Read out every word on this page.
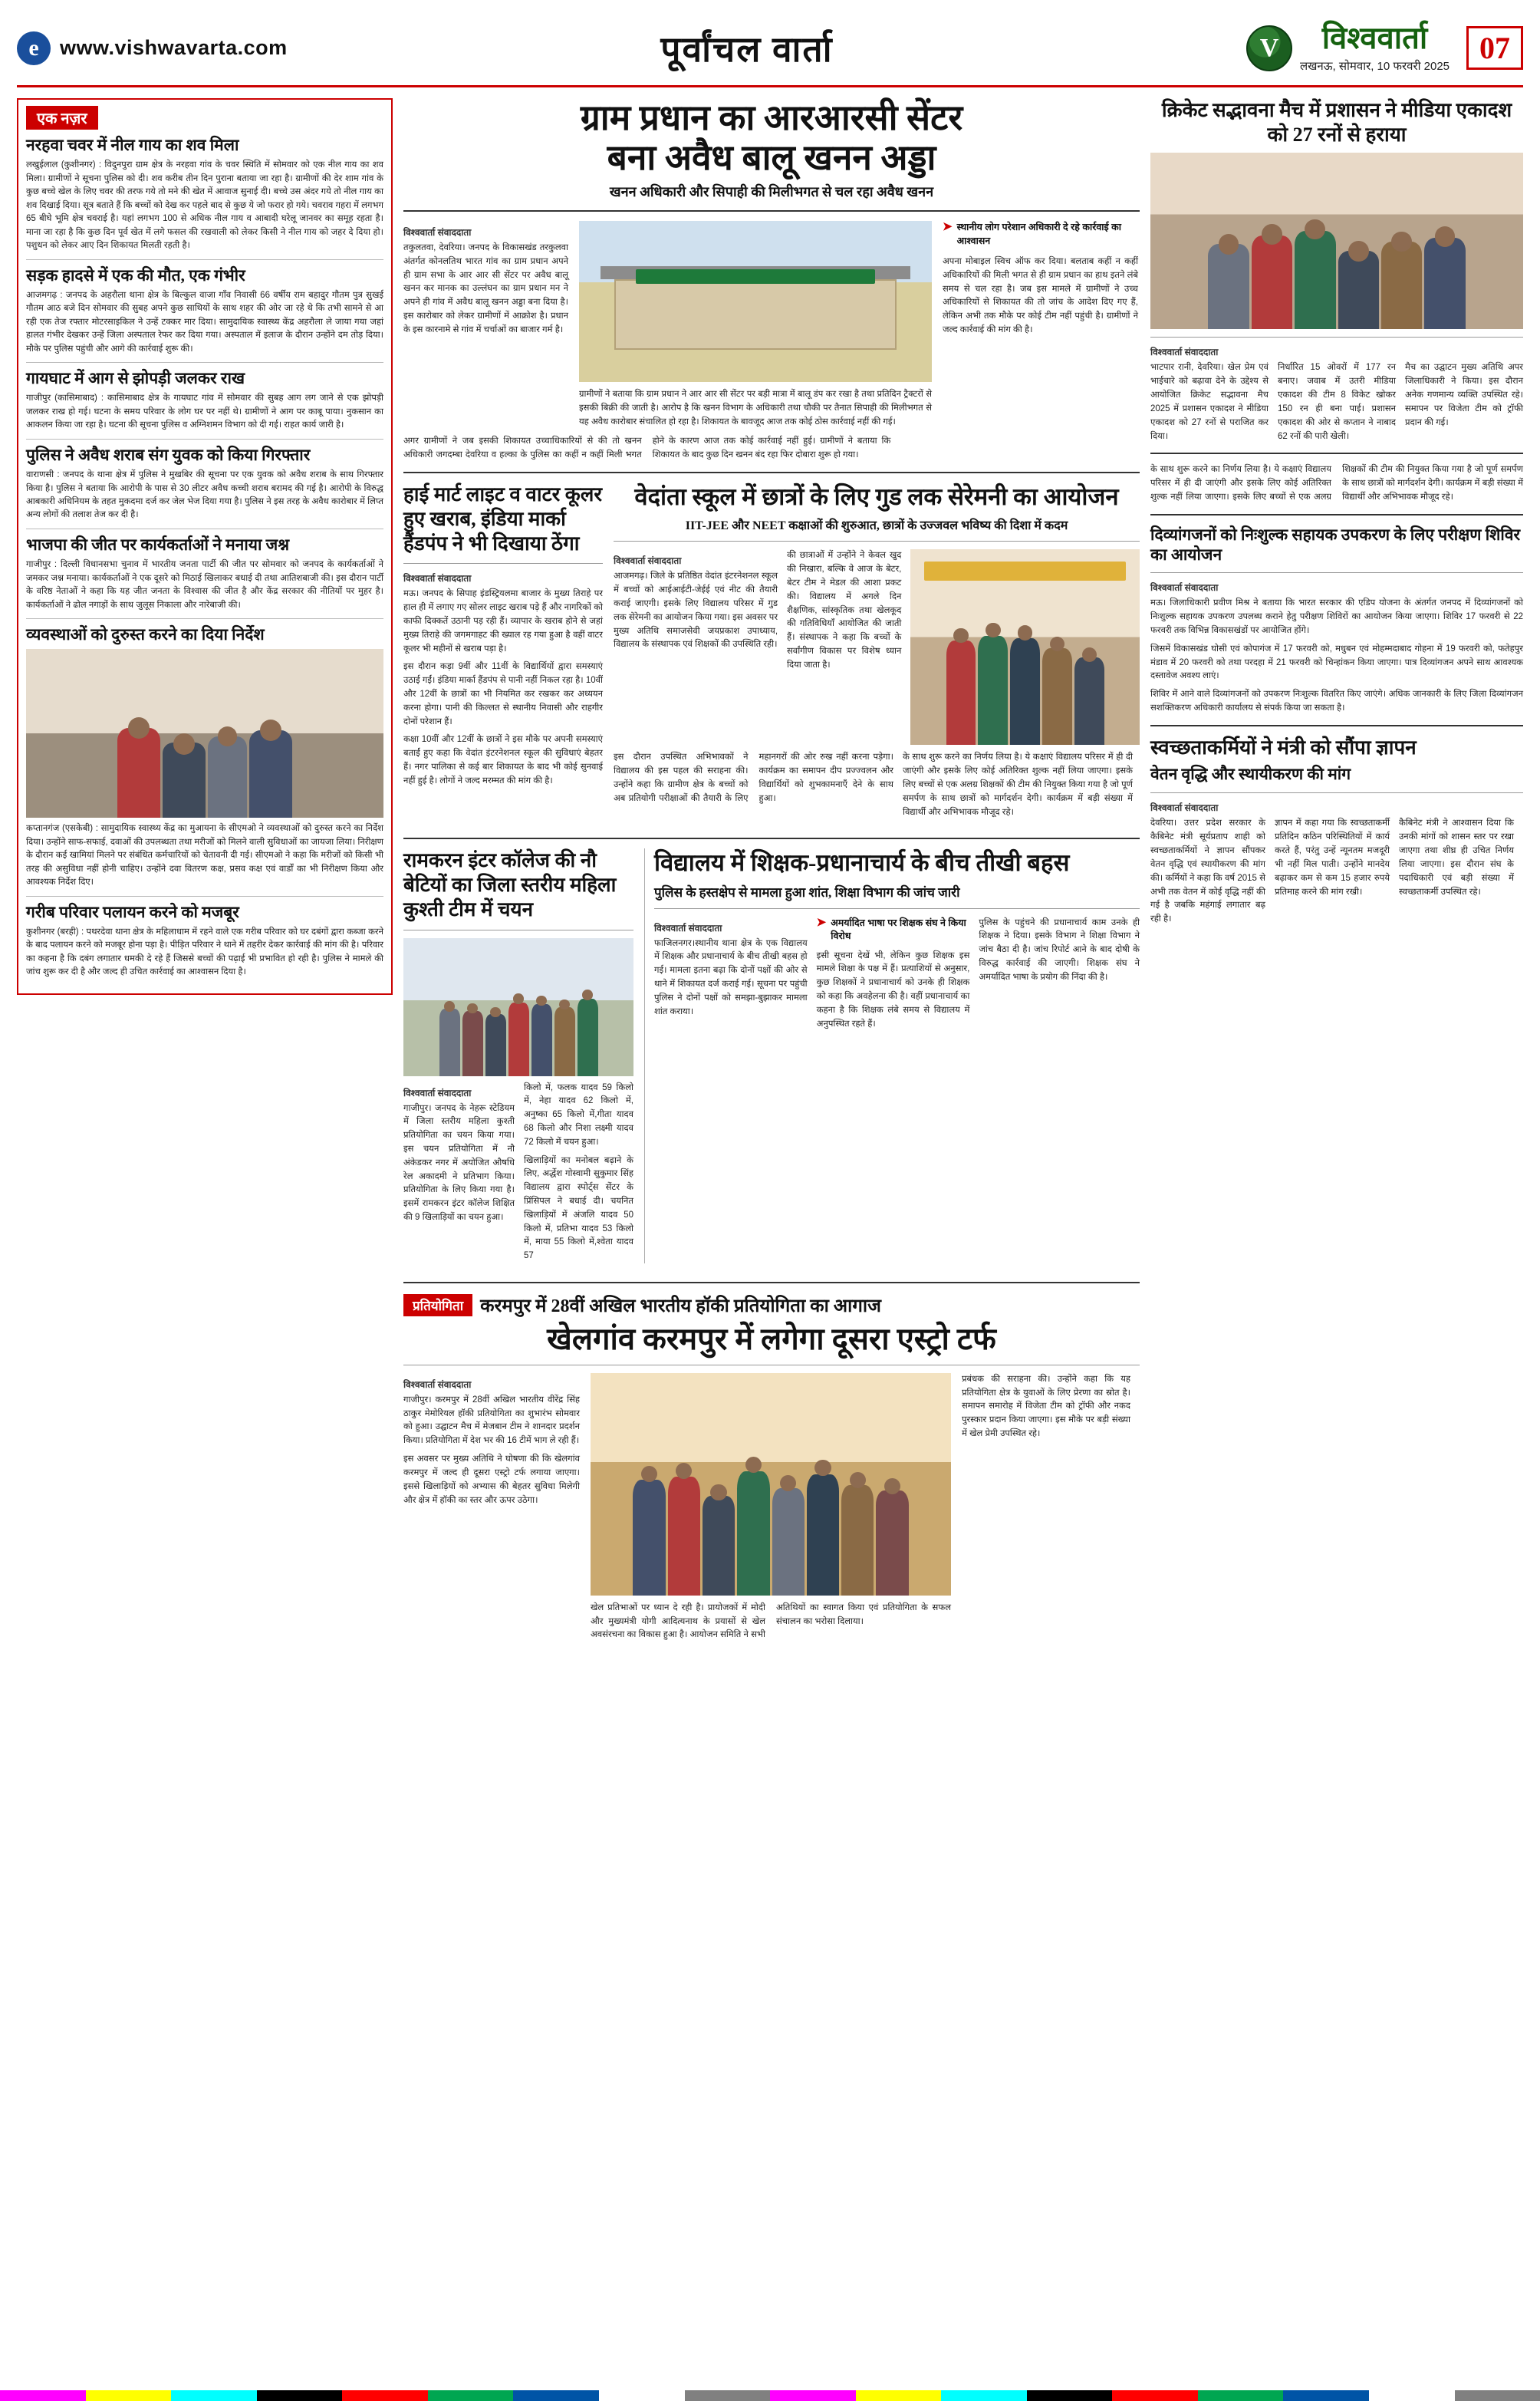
e	www.vishwavarta.com	पूर्वांचल वार्ता	V	विश्ववार्ता
लखनऊ, सोमवार, 10 फरवरी 2025
07
एक नज़र
नरहवा चवर में नील गाय का शव मिला

लखुईलाल (कुशीनगर) : विदुनपुरा ग्राम क्षेत्र के नरहवा गांव के चवर स्थिति में सोमवार को एक नील गाय का शव मिला। ग्रामीणों ने सूचना पुलिस को दी। शव करीब तीन दिन पुराना बताया जा रहा है। ग्रामीणों की देर शाम गांव के कुछ बच्चे खेल के लिए चवर की तरफ गये तो मने की खेत में आवाज सुनाई दी। बच्चे उस अंदर गये तो नील गाय का शव दिखाई दिया। सूत्र बताते हैं कि बच्चों को देख कर पहले बाद से कुछ ये जो फरार हो गये। चवराव गहरा में लगभग 65 बीघे भूमि क्षेत्र चवराई है। यहां लगभग 100 से अधिक नील गाय व आबादी घरेलू जानवर का समूह रहता है। माना जा रहा है कि कुछ दिन पूर्व खेत में लगे फसल की रखवाली को लेकर किसी ने नील गाय को जहर दे दिया हो। पशुधन को लेकर आए दिन शिकायत मिलती रहती है।

सड़क हादसे में एक की मौत, एक गंभीर

आजमगढ़ : जनपद के अहरौला थाना क्षेत्र के बिल्कुल वाजा गाँव निवासी 66 वर्षीय राम बहादुर गौतम पुत्र सुखई गौतम आठ बजे दिन सोमवार की सुबह अपने कुछ साथियों के साथ शहर की ओर जा रहे थे कि तभी सामने से आ रही एक तेज रफ्तार मोटरसाइकिल ने उन्हें टक्कर मार दिया। सामुदायिक स्वास्थ्य केंद्र अहरौला ले जाया गया जहां हालत गंभीर देखकर उन्हें जिला अस्पताल रेफर कर दिया गया। अस्पताल में इलाज के दौरान उन्होंने दम तोड़ दिया। मौके पर पुलिस पहुंची और आगे की कार्रवाई शुरू की।

गायघाट में आग से झोपड़ी जलकर राख

गाजीपुर (कासिमाबाद) : कासिमाबाद क्षेत्र के गायघाट गांव में सोमवार की सुबह आग लग जाने से एक झोपड़ी जलकर राख हो गई। घटना के समय परिवार के लोग घर पर नहीं थे। ग्रामीणों ने आग पर काबू पाया। नुकसान का आकलन किया जा रहा है। घटना की सूचना पुलिस व अग्निशमन विभाग को दी गई। राहत कार्य जारी है।

पुलिस ने अवैध शराब संग युवक को किया गिरफ्तार

वाराणसी : जनपद के थाना क्षेत्र में पुलिस ने मुखबिर की सूचना पर एक युवक को अवैध शराब के साथ गिरफ्तार किया है। पुलिस ने बताया कि आरोपी के पास से 30 लीटर अवैध कच्ची शराब बरामद की गई है। आरोपी के विरुद्ध आबकारी अधिनियम के तहत मुकदमा दर्ज कर जेल भेज दिया गया है। पुलिस ने इस तरह के अवैध कारोबार में लिप्त अन्य लोगों की तलाश तेज कर दी है।

भाजपा की जीत पर कार्यकर्ताओं ने मनाया जश्न

गाजीपुर : दिल्ली विधानसभा चुनाव में भारतीय जनता पार्टी की जीत पर सोमवार को जनपद के कार्यकर्ताओं ने जमकर जश्न मनाया। कार्यकर्ताओं ने एक दूसरे को मिठाई खिलाकर बधाई दी तथा आतिशबाजी की। इस दौरान पार्टी के वरिष्ठ नेताओं ने कहा कि यह जीत जनता के विश्वास की जीत है और केंद्र सरकार की नीतियों पर मुहर है। कार्यकर्ताओं ने ढोल नगाड़ों के साथ जुलूस निकाला और नारेबाजी की।

व्यवस्थाओं को दुरुस्त करने का दिया निर्देश

कप्तानगंज (एसकेबी) : सामुदायिक स्वास्थ्य केंद्र का मुआयना के सीएमओ ने व्यवस्थाओं को दुरुस्त करने का निर्देश दिया। उन्होंने साफ-सफाई, दवाओं की उपलब्धता तथा मरीजों को मिलने वाली सुविधाओं का जायजा लिया। निरीक्षण के दौरान कई खामियां मिलने पर संबंधित कर्मचारियों को चेतावनी दी गई। सीएमओ ने कहा कि मरीजों को किसी भी तरह की असुविधा नहीं होनी चाहिए। उन्होंने दवा वितरण कक्ष, प्रसव कक्ष एवं वार्डों का भी निरीक्षण किया और आवश्यक निर्देश दिए।

गरीब परिवार पलायन करने को मजबूर

कुशीनगर (बरही) : पथरदेवा थाना क्षेत्र के महिलाधाम में रहने वाले एक गरीब परिवार को घर दबंगों द्वारा कब्जा करने के बाद पलायन करने को मजबूर होना पड़ा है। पीड़ित परिवार ने थाने में तहरीर देकर कार्रवाई की मांग की है। परिवार का कहना है कि दबंग लगातार धमकी दे रहे हैं जिससे बच्चों की पढ़ाई भी प्रभावित हो रही है। पुलिस ने मामले की जांच शुरू कर दी है और जल्द ही उचित कार्रवाई का आश्वासन दिया है।

ग्राम प्रधान का आरआरसी सेंटर
बना अवैध बालू खनन अड्डा
खनन अधिकारी और सिपाही की मिलीभगत से चल रहा अवैध खनन
विश्ववार्ता संवाददाता
तकुलतवा, देवरिया। जनपद के विकासखंड तरकुलवा अंतर्गत कोनलतिथ भारत गांव का ग्राम प्रधान अपने ही ग्राम सभा के आर आर सी सेंटर पर अवैध बालू खनन कर मानक का उल्लंघन का ग्राम प्रधान मन ने अपने ही गांव में अवैध बालू खनन अड्डा बना दिया है। इस कारोबार को लेकर ग्रामीणों में आक्रोश है। प्रधान के इस कारनामे से गांव में चर्चाओं का बाजार गर्म है।
ग्रामीणों ने बताया कि ग्राम प्रधान ने आर आर सी सेंटर पर बड़ी मात्रा में बालू डंप कर रखा है तथा प्रतिदिन ट्रैक्टरों से इसकी बिक्री की जाती है। आरोप है कि खनन विभाग के अधिकारी तथा चौकी पर तैनात सिपाही की मिलीभगत से यह अवैध कारोबार संचालित हो रहा है। शिकायत के बावजूद आज तक कोई ठोस कार्रवाई नहीं की गई।
➤ स्थानीय लोग परेशान अधिकारी दे रहे कार्रवाई का आश्वासन
अपना मोबाइल स्विच ऑफ कर दिया। बलताब कहीं न कहीं अधिकारियों की मिली भगत से ही ग्राम प्रधान का हाथ इतने लंबे समय से चल रहा है। जब इस मामले में ग्रामीणों ने उच्च अधिकारियों से शिकायत की तो जांच के आदेश दिए गए हैं, लेकिन अभी तक मौके पर कोई टीम नहीं पहुंची है। ग्रामीणों ने जल्द कार्रवाई की मांग की है।
अगर ग्रामीणों ने जब इसकी शिकायत उच्चाधिकारियों से की तो खनन अधिकारी जगदम्बा देवरिया व हल्का के पुलिस का कहीं न कहीं मिली भगत होने के कारण आज तक कोई कार्रवाई नहीं हुई। ग्रामीणों ने बताया कि शिकायत के बाद कुछ दिन खनन बंद रहा फिर दोबारा शुरू हो गया।
हाई मार्ट लाइट व वाटर कूलर हुए खराब, इंडिया मार्का हैंडपंप ने भी दिखाया ठेंगा
विश्ववार्ता संवाददाता
मऊ। जनपद के सिपाह इंडस्ट्रियलमा बाजार के मुख्य तिराहे पर हाल ही में लगाए गए सोलर लाइट खराब पड़े हैं और नागरिकों को काफी दिक्कतें उठानी पड़ रही हैं। व्यापार के खराब होने से जहां मुख्य तिराहे की जगमगाहट की ख्याल रह गया हुआ है वहीं वाटर कूलर भी महीनों से खराब पड़ा है।
इस दौरान कड़ा 9वीं और 11वीं के विद्यार्थियों द्वारा समस्याएं उठाई गईं। इंडिया मार्का हैंडपंप से पानी नहीं निकल रहा है। 10वीं और 12वीं के छात्रों का भी नियमित कर रखकर कर अध्ययन करना होगा। पानी की किल्लत से स्थानीय निवासी और राहगीर दोनों परेशान हैं।
कक्षा 10वीं और 12वीं के छात्रों ने इस मौके पर अपनी समस्याएं बताईं हुए कहा कि वेदांत इंटरनेशनल स्कूल की सुविधाएं बेहतर हैं। नगर पालिका से कई बार शिकायत के बाद भी कोई सुनवाई नहीं हुई है। लोगों ने जल्द मरम्मत की मांग की है।
वेदांता स्कूल में छात्रों के लिए गुड लक सेरेमनी का आयोजन
IIT-JEE और NEET कक्षाओं की शुरुआत, छात्रों के उज्जवल भविष्य की दिशा में कदम
विश्ववार्ता संवाददाता
आजमगढ़। जिले के प्रतिष्ठित वेदांत इंटरनेशनल स्कूल में बच्चों को आईआईटी-जेईई एवं नीट की तैयारी कराई जाएगी। इसके लिए विद्यालय परिसर में गुड लक सेरेमनी का आयोजन किया गया। इस अवसर पर मुख्य अतिथि समाजसेवी जयप्रकाश उपाध्याय, विद्यालय के संस्थापक एवं शिक्षकों की उपस्थिति रही।
की छात्राओं में उन्होंने ने केवल खुद की निखारा, बल्कि वे आज के बेटर, बेटर टीम ने मेडल की आशा प्रकट की। विद्यालय में अगले दिन शैक्षणिक, सांस्कृतिक तथा खेलकूद की गतिविधियाँ आयोजित की जाती हैं। संस्थापक ने कहा कि बच्चों के सर्वांगीण विकास पर विशेष ध्यान दिया जाता है।
इस दौरान उपस्थित अभिभावकों ने विद्यालय की इस पहल की सराहना की। उन्होंने कहा कि ग्रामीण क्षेत्र के बच्चों को अब प्रतियोगी परीक्षाओं की तैयारी के लिए महानगरों की ओर रुख नहीं करना पड़ेगा। कार्यक्रम का समापन दीप प्रज्ज्वलन और विद्यार्थियों को शुभकामनाएँ देने के साथ हुआ।
के साथ शुरू करने का निर्णय लिया है। ये कक्षाएं विद्यालय परिसर में ही दी जाएंगी और इसके लिए कोई अतिरिक्त शुल्क नहीं लिया जाएगा। इसके लिए बच्चों से एक अलग्र शिक्षकों की टीम की नियुक्त किया गया है जो पूर्ण समर्पण के साथ छात्रों को मार्गदर्शन देगी। कार्यक्रम में बड़ी संख्या में विद्यार्थी और अभिभावक मौजूद रहे।
रामकरन इंटर कॉलेज की नौ बेटियों का जिला स्तरीय महिला कुश्ती टीम में चयन
विश्ववार्ता संवाददाता
गाजीपुर। जनपद के नेहरू स्टेडियम में जिला स्तरीय महिला कुश्ती प्रतियोगिता का चयन किया गया। इस चयन प्रतियोगिता में नौ अंकेडकर नगर में अयोजित औषधि रेल अकादमी ने प्रतिभाग किया। प्रतियोगिता के लिए किया गया है। इसमें रामकरन इंटर कॉलेज शिक्षित की 9 खिलाड़ियों का चयन हुआ।
किलो में, फलक यादव 59 किलो में, नेहा यादव 62 किलो में, अनुष्का 65 किलो में,गीता यादव 68 किलो और निशा लक्ष्मी यादव 72 किलो में चयन हुआ।
खिलाड़ियों का मनोबल बढ़ाने के लिए, अर्द्धेश गोस्वामी सुकुमार सिंह विद्यालय द्वारा स्पोर्ट्स सेंटर के प्रिंसिपल ने बधाई दी। चयनित खिलाड़ियों में अंजलि यादव 50 किलो में, प्रतिभा यादव 53 किलो में, माया 55 किलो में,श्वेता यादव 57
विद्यालय में शिक्षक-प्रधानाचार्य के बीच तीखी बहस
पुलिस के हस्तक्षेप से मामला हुआ शांत, शिक्षा विभाग की जांच जारी
विश्ववार्ता संवाददाता
फाजिलनगर।स्थानीय थाना क्षेत्र के एक विद्यालय में शिक्षक और प्रधानाचार्य के बीच तीखी बहस हो गई। मामला इतना बढ़ा कि दोनों पक्षों की ओर से थाने में शिकायत दर्ज कराई गई। सूचना पर पहुंची पुलिस ने दोनों पक्षों को समझा-बुझाकर मामला शांत कराया।
➤ अमर्यादित भाषा पर शिक्षक संघ ने किया विरोध
इसी सूचना देखें भी, लेकिन कुछ शिक्षक इस मामले शिक्षा के पक्ष में हैं। प्रत्याशियों से अनुसार, कुछ शिक्षकों ने प्रधानाचार्य को उनके ही शिक्षक को कहा कि अवहेलना की है। वहीं प्रधानाचार्य का कहना है कि शिक्षक लंबे समय से विद्यालय में अनुपस्थित रहते हैं।
पुलिस के पहुंचने की प्रधानाचार्य काम उनके ही शिक्षक ने दिया। इसके विभाग ने शिक्षा विभाग ने जांच बैठा दी है। जांच रिपोर्ट आने के बाद दोषी के विरुद्ध कार्रवाई की जाएगी। शिक्षक संघ ने अमर्यादित भाषा के प्रयोग की निंदा की है।
प्रतियोगिता करमपुर में 28वीं अखिल भारतीय हॉकी प्रतियोगिता का आगाज
खेलगांव करमपुर में लगेगा दूसरा एस्ट्रो टर्फ
विश्ववार्ता संवाददाता
गाजीपुर। करमपुर में 28वीं अखिल भारतीय वीरेंद्र सिंह ठाकुर मेमोरियल हॉकी प्रतियोगिता का शुभारंभ सोमवार को हुआ। उद्घाटन मैच में मेजबान टीम ने शानदार प्रदर्शन किया। प्रतियोगिता में देश भर की 16 टीमें भाग ले रही हैं।
इस अवसर पर मुख्य अतिथि ने घोषणा की कि खेलगांव करमपुर में जल्द ही दूसरा एस्ट्रो टर्फ लगाया जाएगा। इससे खिलाड़ियों को अभ्यास की बेहतर सुविधा मिलेगी और क्षेत्र में हॉकी का स्तर और ऊपर उठेगा।
खेल प्रतिभाओं पर ध्यान दे रही है। प्रायोजकों में मोदी और मुख्यमंत्री योगी आदित्यनाथ के प्रयासों से खेल अवसंरचना का विकास हुआ है। आयोजन समिति ने सभी अतिथियों का स्वागत किया एवं प्रतियोगिता के सफल संचालन का भरोसा दिलाया।
प्रबंधक की सराहना की। उन्होंने कहा कि यह प्रतियोगिता क्षेत्र के युवाओं के लिए प्रेरणा का स्रोत है। समापन समारोह में विजेता टीम को ट्रॉफी और नकद पुरस्कार प्रदान किया जाएगा। इस मौके पर बड़ी संख्या में खेल प्रेमी उपस्थित रहे।
क्रिकेट सद्भावना मैच में प्रशासन ने मीडिया एकादश को 27 रनों से हराया
विश्ववार्ता संवाददाता
भाटपार रानी, देवरिया। खेल प्रेम एवं भाईचारे को बढ़ावा देने के उद्देश्य से आयोजित क्रिकेट सद्भावना मैच 2025 में प्रशासन एकादश ने मीडिया एकादश को 27 रनों से पराजित कर दिया।
निर्धारित 15 ओवरों में 177 रन बनाए। जवाब में उतरी मीडिया एकादश की टीम 8 विकेट खोकर 150 रन ही बना पाई। प्रशासन एकादश की ओर से कप्तान ने नाबाद 62 रनों की पारी खेली।
मैच का उद्घाटन मुख्य अतिथि अपर जिलाधिकारी ने किया। इस दौरान अनेक गणमान्य व्यक्ति उपस्थित रहे। समापन पर विजेता टीम को ट्रॉफी प्रदान की गई।
के साथ शुरू करने का निर्णय लिया है। ये कक्षाएं विद्यालय परिसर में ही दी जाएंगी और इसके लिए कोई अतिरिक्त शुल्क नहीं लिया जाएगा। इसके लिए बच्चों से एक अलग्र शिक्षकों की टीम की नियुक्त किया गया है जो पूर्ण समर्पण के साथ छात्रों को मार्गदर्शन देगी। कार्यक्रम में बड़ी संख्या में विद्यार्थी और अभिभावक मौजूद रहे।
दिव्यांगजनों को निःशुल्क सहायक उपकरण के लिए परीक्षण शिविर का आयोजन
विश्ववार्ता संवाददाता
मऊ। जिलाधिकारी प्रवीण मिश्र ने बताया कि भारत सरकार की एडिप योजना के अंतर्गत जनपद में दिव्यांगजनों को निःशुल्क सहायक उपकरण उपलब्ध कराने हेतु परीक्षण शिविरों का आयोजन किया जाएगा। शिविर 17 फरवरी से 22 फरवरी तक विभिन्न विकासखंडों पर आयोजित होंगे।
जिसमें विकासखंड घोसी एवं कोपागंज में 17 फरवरी को, मधुबन एवं मोहम्मदाबाद गोहना में 19 फरवरी को, फतेहपुर मंडाव में 20 फरवरी को तथा परदहा में 21 फरवरी को चिन्हांकन किया जाएगा। पात्र दिव्यांगजन अपने साथ आवश्यक दस्तावेज अवश्य लाएं।
शिविर में आने वाले दिव्यांगजनों को उपकरण निःशुल्क वितरित किए जाएंगे। अधिक जानकारी के लिए जिला दिव्यांगजन सशक्तिकरण अधिकारी कार्यालय से संपर्क किया जा सकता है।
स्वच्छताकर्मियों ने मंत्री को सौंपा ज्ञापन
वेतन वृद्धि और स्थायीकरण की मांग
विश्ववार्ता संवाददाता
देवरिया। उत्तर प्रदेश सरकार के कैबिनेट मंत्री सूर्यप्रताप शाही को स्वच्छताकर्मियों ने ज्ञापन सौंपकर वेतन वृद्धि एवं स्थायीकरण की मांग की। कर्मियों ने कहा कि वर्ष 2015 से अभी तक वेतन में कोई वृद्धि नहीं की गई है जबकि महंगाई लगातार बढ़ रही है।
ज्ञापन में कहा गया कि स्वच्छताकर्मी प्रतिदिन कठिन परिस्थितियों में कार्य करते हैं, परंतु उन्हें न्यूनतम मजदूरी भी नहीं मिल पाती। उन्होंने मानदेय बढ़ाकर कम से कम 15 हजार रुपये प्रतिमाह करने की मांग रखी।
कैबिनेट मंत्री ने आश्वासन दिया कि उनकी मांगों को शासन स्तर पर रखा जाएगा तथा शीघ्र ही उचित निर्णय लिया जाएगा। इस दौरान संघ के पदाधिकारी एवं बड़ी संख्या में स्वच्छताकर्मी उपस्थित रहे।
